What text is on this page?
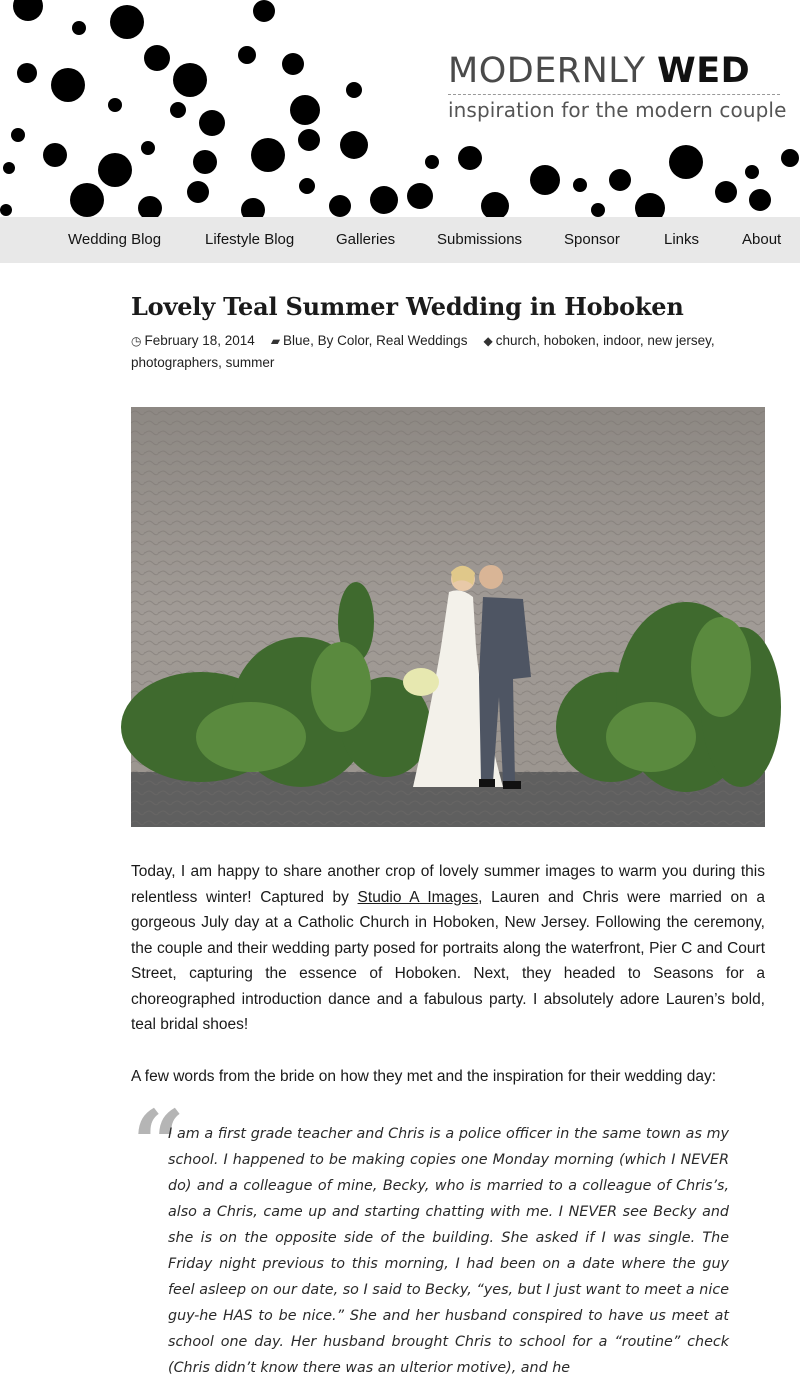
MODERNLY WED
inspiration for the modern couple
Wedding Blog	Lifestyle Blog	Galleries	Submissions	Sponsor	Links	About
Lovely Teal Summer Wedding in Hoboken
◷ February 18, 2014 ▰ Blue, By Color, Real Weddings ◆ church, hoboken, indoor, new jersey, photographers, summer

Today, I am happy to share another crop of lovely summer images to warm you during this relentless winter! Captured by Studio A Images, Lauren and Chris were married on a gorgeous July day at a Catholic Church in Hoboken, New Jersey. Following the ceremony, the couple and their wedding party posed for portraits along the waterfront, Pier C and Court Street, capturing the essence of Hoboken. Next, they headed to Seasons for a choreographed introduction dance and a fabulous party. I absolutely adore Lauren’s bold, teal bridal shoes!

A few words from the bride on how they met and the inspiration for their wedding day:

“
I am a first grade teacher and Chris is a police officer in the same town as my school. I happened to be making copies one Monday morning (which I NEVER do) and a colleague of mine, Becky, who is married to a colleague of Chris’s, also a Chris, came up and starting chatting with me. I NEVER see Becky and she is on the opposite side of the building. She asked if I was single. The Friday night previous to this morning, I had been on a date where the guy feel asleep on our date, so I said to Becky, “yes, but I just want to meet a nice guy-he HAS to be nice.” She and her husband conspired to have us meet at school one day. Her husband brought Chris to school for a “routine” check (Chris didn’t know there was an ulterior motive), and he
